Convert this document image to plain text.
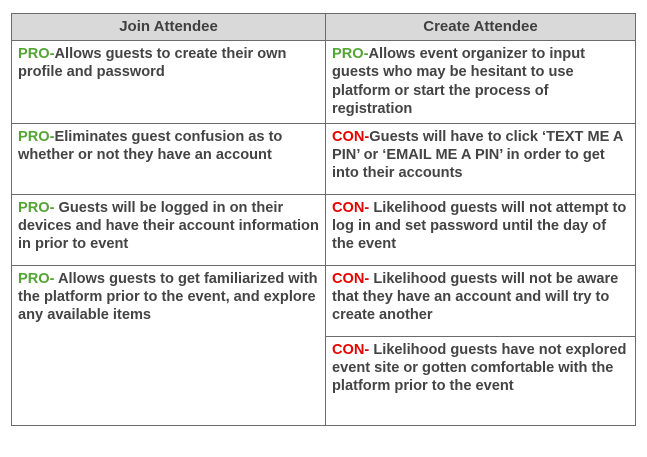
Join Attendee	Create Attendee
PRO-Allows guests to create their own profile and password	PRO-Allows event organizer to input guests who may be hesitant to use platform or start the process of registration
PRO-Eliminates guest confusion as to whether or not they have an account	CON-Guests will have to click ‘TEXT ME A PIN’ or ‘EMAIL ME A PIN’ in order to get into their accounts
PRO- Guests will be logged in on their devices and have their account information in prior to event	CON- Likelihood guests will not attempt to log in and set password until the day of the event
PRO- Allows guests to get familiarized with the platform prior to the event, and explore any available items	CON- Likelihood guests will not be aware that they have an account and will try to create another
	CON- Likelihood guests have not explored event site or gotten comfortable with the platform prior to the event
